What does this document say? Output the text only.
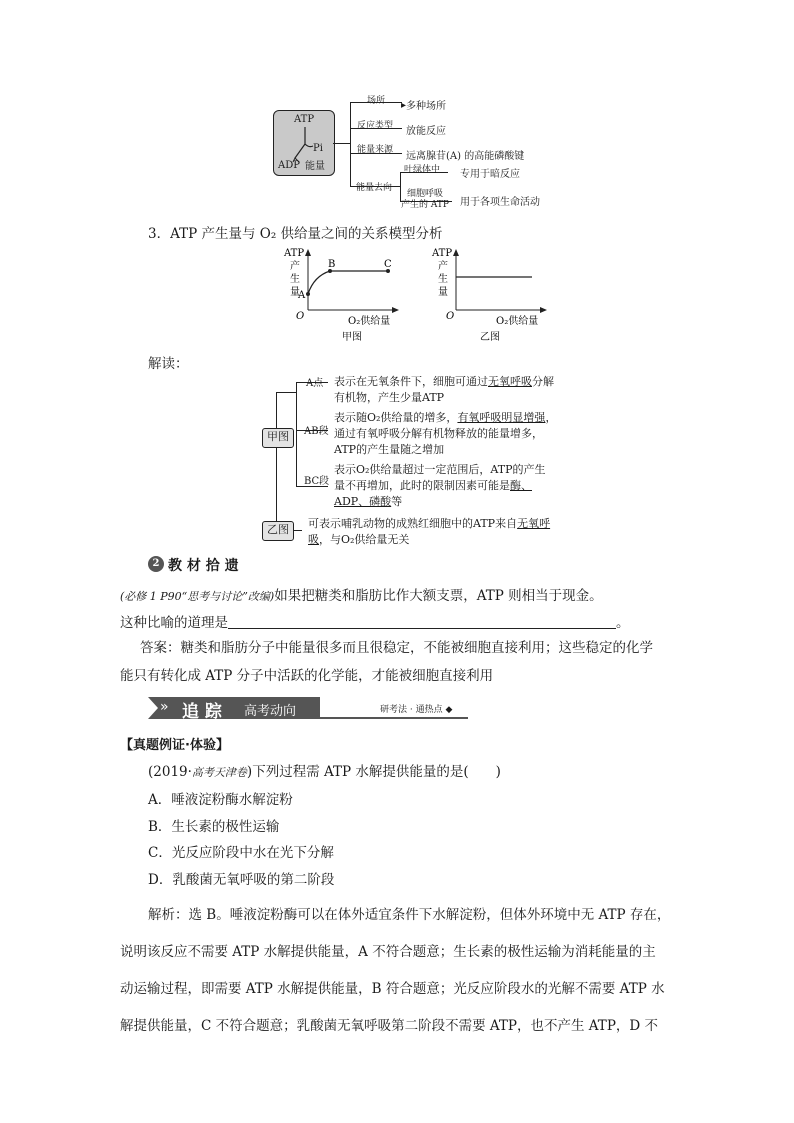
ATP
Pi
ADP 能量
场所 多种场所
反应类型 放能反应
能量来源
远离腺苷(A) 的高能磷酸键
能量去向
叶绿体中 专用于暗反应
细胞呼吸
产生的 ATP 用于各项生命活动
▸
3．ATP 产生量与 O₂ 供给量之间的关系模型分析
A
B	C
O
ATP
产
生
量
O₂供给量
甲图
O
ATP
产
生
量
O₂供给量
乙图
解读：
甲图
乙图
A点
AB段
BC段
表示在无氧条件下，细胞可通过无氧呼吸分解有机物，产生少量ATP
表示随O₂供给量的增多，有氧呼吸明显增强，通过有氧呼吸分解有机物释放的能量增多，ATP的产生量随之增加
表示O₂供给量超过一定范围后，ATP的产生量不再增加，此时的限制因素可能是酶、ADP、磷酸等
可表示哺乳动物的成熟红细胞中的ATP来自无氧呼吸，与O₂供给量无关
2 教 材 拾 遗
(必修 1 P90“思考与讨论”改编)如果把糖类和脂肪比作大额支票，ATP 则相当于现金。
这种比喻的道理是	。
答案：糖类和脂肪分子中能量很多而且很稳定，不能被细胞直接利用；这些稳定的化学
能只有转化成 ATP 分子中活跃的化学能，才能被细胞直接利用
» 追 踪 高考动向	研考法 · 通热点 ◆
【真题例证·体验】
(2019·高考天津卷)下列过程需 ATP 水解提供能量的是(　　)
A．唾液淀粉酶水解淀粉
B．生长素的极性运输
C．光反应阶段中水在光下分解
D．乳酸菌无氧呼吸的第二阶段
解析：选 B。唾液淀粉酶可以在体外适宜条件下水解淀粉，但体外环境中无 ATP 存在，
说明该反应不需要 ATP 水解提供能量，A 不符合题意；生长素的极性运输为消耗能量的主
动运输过程，即需要 ATP 水解提供能量，B 符合题意；光反应阶段水的光解不需要 ATP 水
解提供能量，C 不符合题意；乳酸菌无氧呼吸第二阶段不需要 ATP，也不产生 ATP，D 不
